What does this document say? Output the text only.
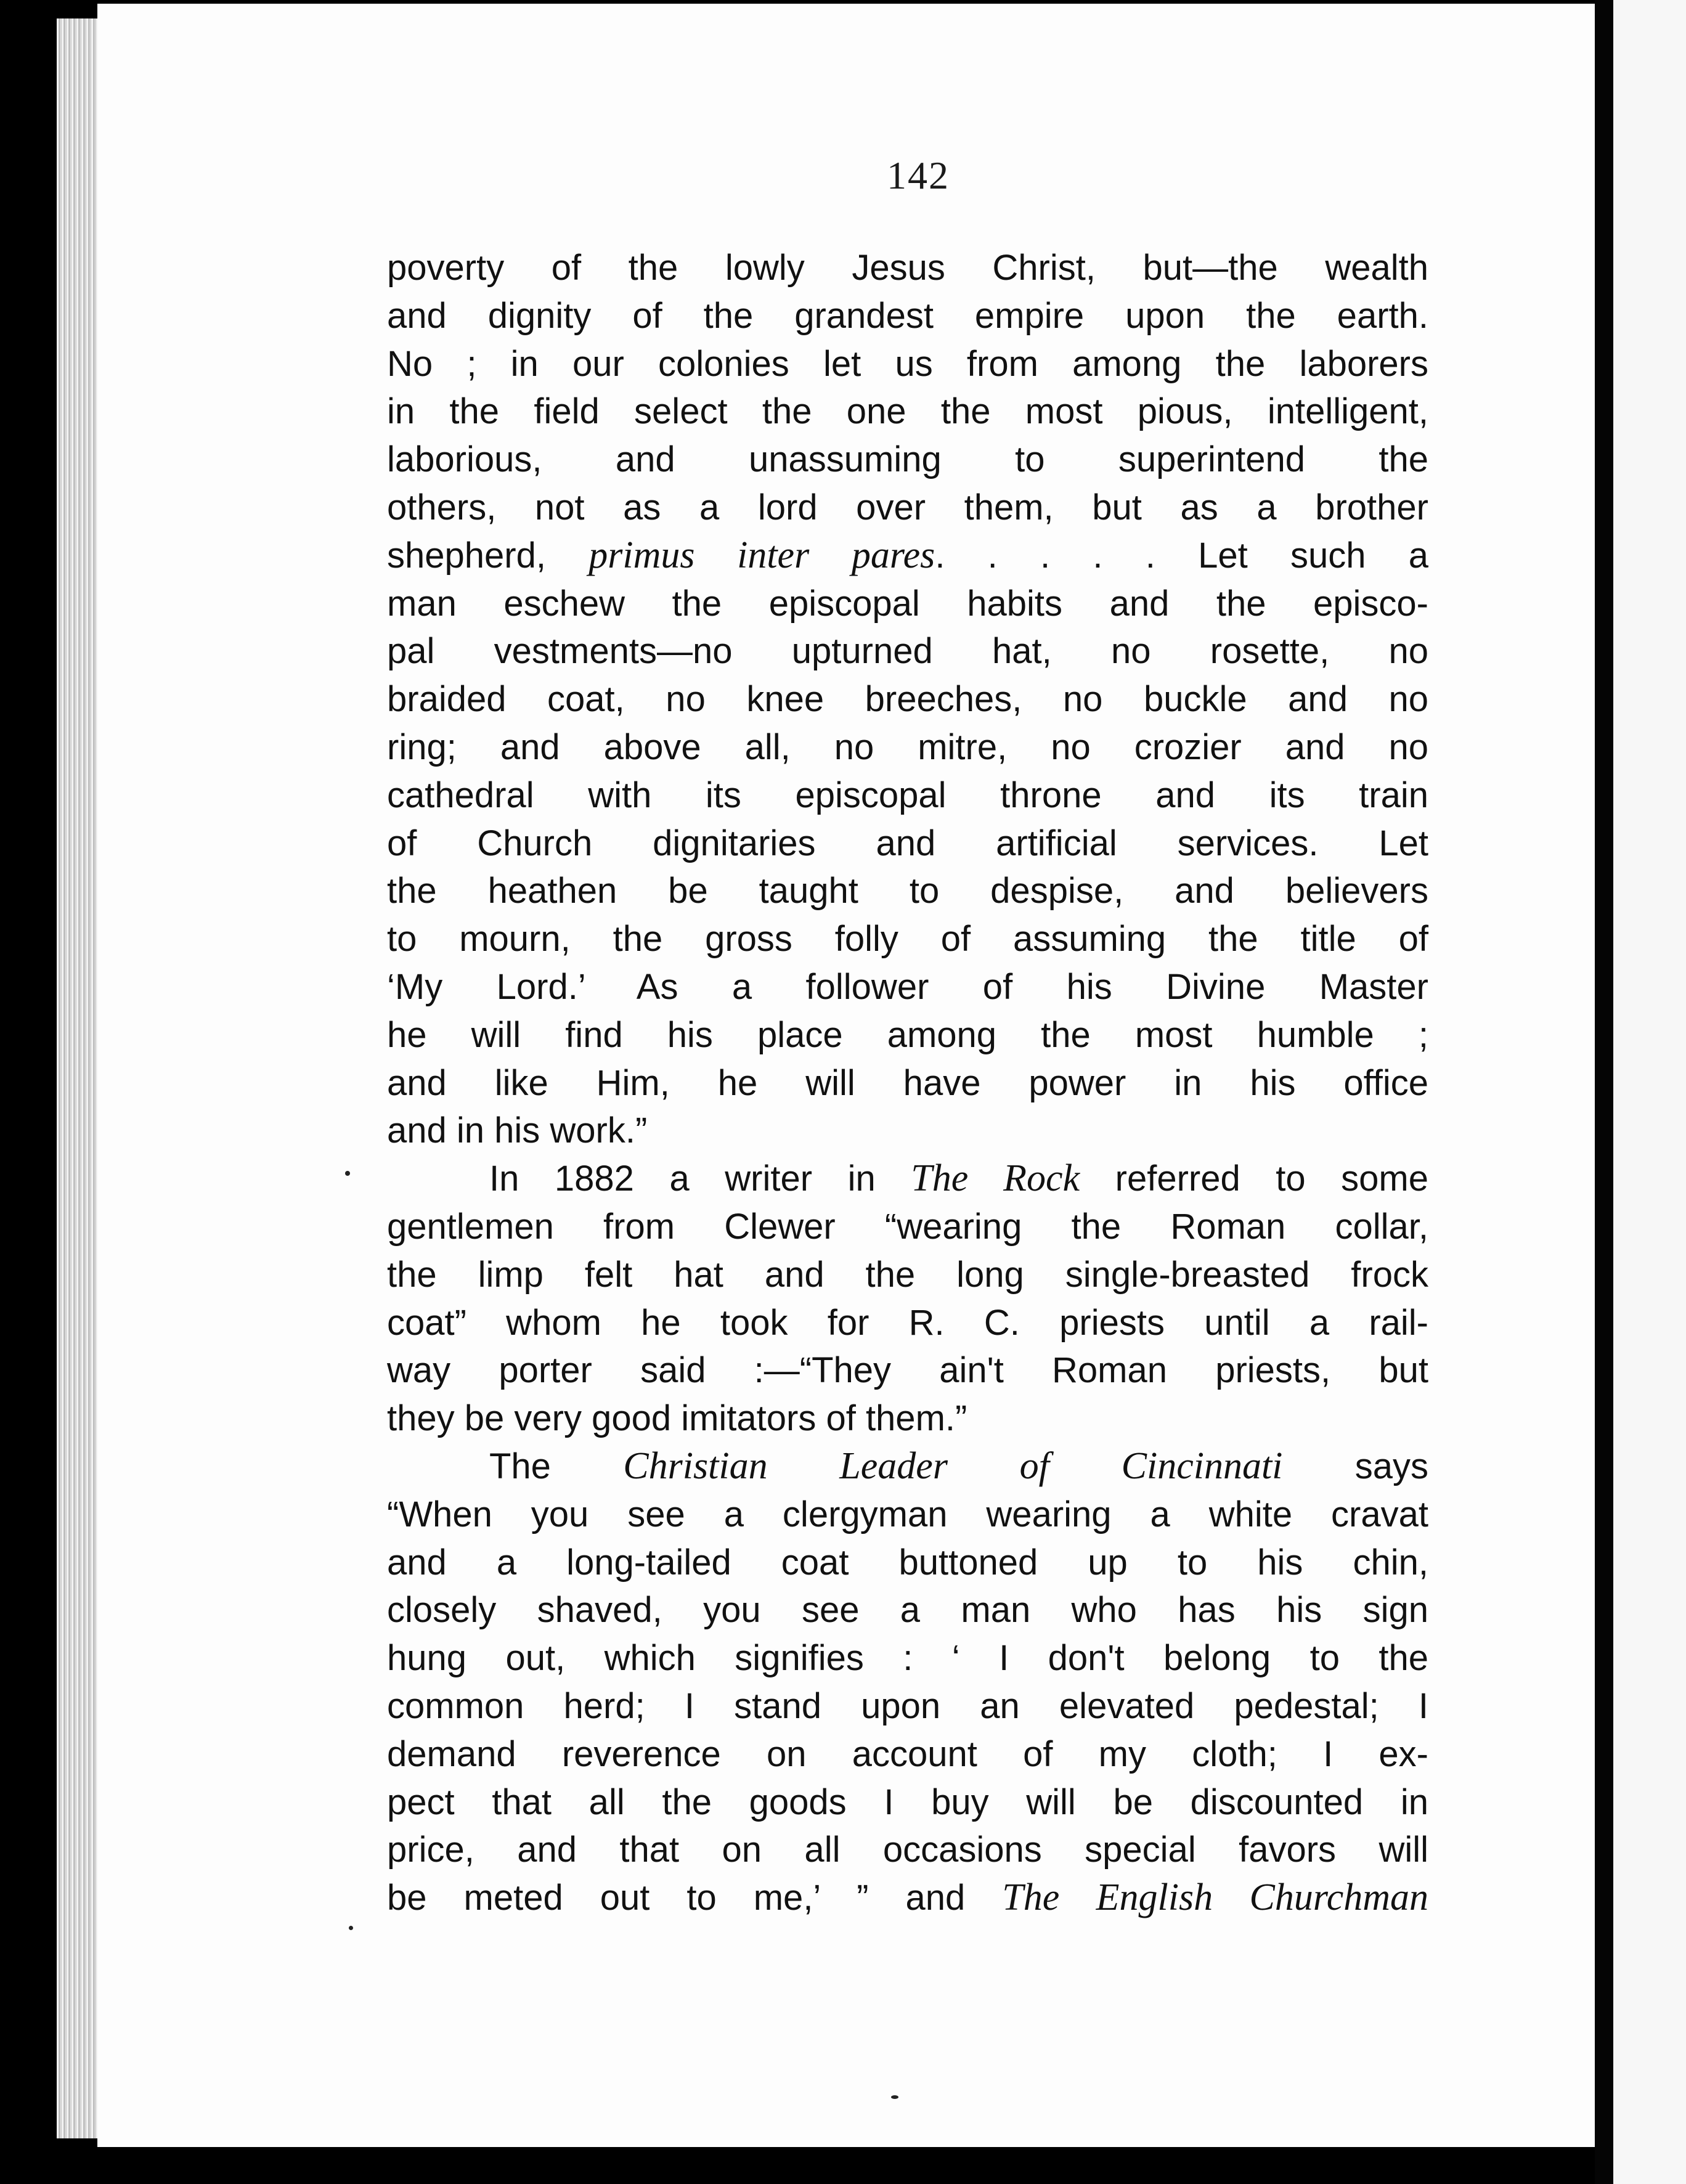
142
poverty of the lowly Jesus Christ, but—the wealth
and dignity of the grandest empire upon the earth.
No ; in our colonies let us from among the laborers
in the field select the one the most pious, intelligent,
laborious, and unassuming to superintend the
others, not as a lord over them, but as a brother
shepherd, primus inter pares. . . . . Let such a
man eschew the episcopal habits and the episco-
pal vestments—no upturned hat, no rosette, no
braided coat, no knee breeches, no buckle and no
ring; and above all, no mitre, no crozier and no
cathedral with its episcopal throne and its train
of Church dignitaries and artificial services. Let
the heathen be taught to despise, and believers
to mourn, the gross folly of assuming the title of
‘My Lord.’ As a follower of his Divine Master
he will find his place among the most humble ;
and like Him, he will have power in his office
and in his work.”
In 1882 a writer in The Rock referred to some
gentlemen from Clewer “wearing the Roman collar,
the limp felt hat and the long single-breasted frock
coat” whom he took for R. C. priests until a rail-
way porter said :—“They ain't Roman priests, but
they be very good imitators of them.”
The Christian Leader of Cincinnati says
“When you see a clergyman wearing a white cravat
and a long-tailed coat buttoned up to his chin,
closely shaved, you see a man who has his sign
hung out, which signifies : ‘ I don't belong to the
common herd; I stand upon an elevated pedestal; I
demand reverence on account of my cloth; I ex-
pect that all the goods I buy will be discounted in
price, and that on all occasions special favors will
be meted out to me,’ ” and The English Churchman
